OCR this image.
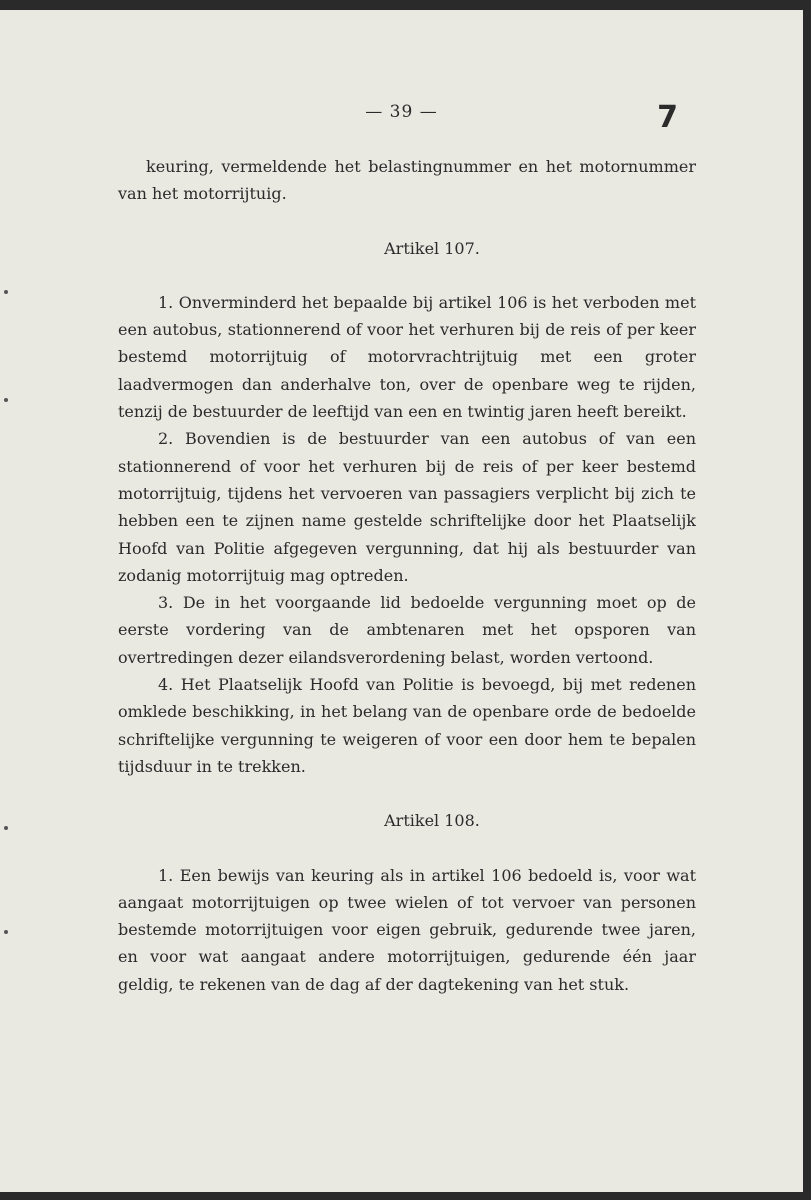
— 39 —	7

keuring, vermeldende het belastingnummer en het motornummer van het motorrijtuig.

Artikel 107.

1. Onverminderd het bepaalde bij artikel 106 is het verboden met een autobus, stationnerend of voor het verhuren bij de reis of per keer bestemd motorrijtuig of motorvrachtrijtuig met een groter laadvermogen dan anderhalve ton, over de openbare weg te rijden, tenzij de bestuurder de leeftijd van een en twintig jaren heeft bereikt.

2. Bovendien is de bestuurder van een autobus of van een stationnerend of voor het verhuren bij de reis of per keer bestemd motorrijtuig, tijdens het vervoeren van passagiers verplicht bij zich te hebben een te zijnen name gestelde schriftelijke door het Plaatselijk Hoofd van Politie afgegeven vergunning, dat hij als bestuurder van zodanig motorrijtuig mag optreden.

3. De in het voorgaande lid bedoelde vergunning moet op de eerste vordering van de ambtenaren met het opsporen van overtredingen dezer eilandsverordening belast, worden vertoond.

4. Het Plaatselijk Hoofd van Politie is bevoegd, bij met redenen omklede beschikking, in het belang van de openbare orde de bedoelde schriftelijke vergunning te weigeren of voor een door hem te bepalen tijdsduur in te trekken.

Artikel 108.

1. Een bewijs van keuring als in artikel 106 bedoeld is, voor wat aangaat motorrijtuigen op twee wielen of tot vervoer van personen bestemde motorrijtuigen voor eigen gebruik, gedurende twee jaren, en voor wat aangaat andere motorrijtuigen, gedurende één jaar geldig, te rekenen van de dag af der dagtekening van het stuk.
